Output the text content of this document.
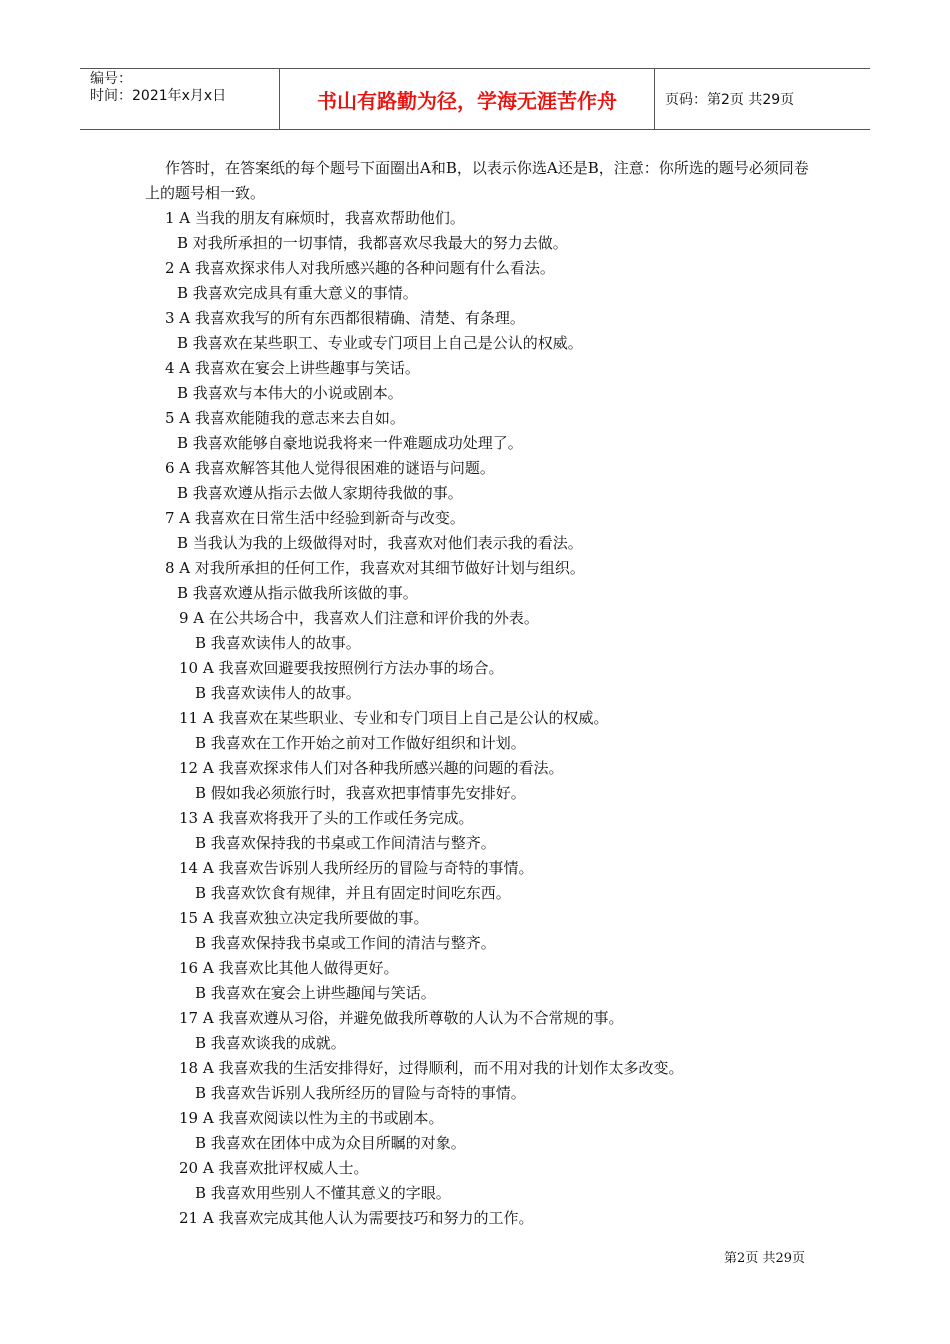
编号：
时间：2021年x月x日	书山有路勤为径，学海无涯苦作舟	页码：第2页 共29页

作答时，在答案纸的每个题号下面圈出A和B，以表示你选A还是B，注意：你所选的题号必须同卷上的题号相一致。

1 A 当我的朋友有麻烦时，我喜欢帮助他们。
B 对我所承担的一切事情，我都喜欢尽我最大的努力去做。
2 A 我喜欢探求伟人对我所感兴趣的各种问题有什么看法。
B 我喜欢完成具有重大意义的事情。
3 A 我喜欢我写的所有东西都很精确、清楚、有条理。
B 我喜欢在某些职工、专业或专门项目上自己是公认的权威。
4 A 我喜欢在宴会上讲些趣事与笑话。
B 我喜欢与本伟大的小说或剧本。
5 A 我喜欢能随我的意志来去自如。
B 我喜欢能够自豪地说我将来一件难题成功处理了。
6 A 我喜欢解答其他人觉得很困难的谜语与问题。
B 我喜欢遵从指示去做人家期待我做的事。
7 A 我喜欢在日常生活中经验到新奇与改变。
B 当我认为我的上级做得对时，我喜欢对他们表示我的看法。
8 A 对我所承担的任何工作，我喜欢对其细节做好计划与组织。
B 我喜欢遵从指示做我所该做的事。
9 A 在公共场合中，我喜欢人们注意和评价我的外表。
B 我喜欢读伟人的故事。
10 A 我喜欢回避要我按照例行方法办事的场合。
B 我喜欢读伟人的故事。
11 A 我喜欢在某些职业、专业和专门项目上自己是公认的权威。
B 我喜欢在工作开始之前对工作做好组织和计划。
12 A 我喜欢探求伟人们对各种我所感兴趣的问题的看法。
B 假如我必须旅行时，我喜欢把事情事先安排好。
13 A 我喜欢将我开了头的工作或任务完成。
B 我喜欢保持我的书桌或工作间清洁与整齐。
14 A 我喜欢告诉别人我所经历的冒险与奇特的事情。
B 我喜欢饮食有规律，并且有固定时间吃东西。
15 A 我喜欢独立决定我所要做的事。
B 我喜欢保持我书桌或工作间的清洁与整齐。
16 A 我喜欢比其他人做得更好。
B 我喜欢在宴会上讲些趣闻与笑话。
17 A 我喜欢遵从习俗，并避免做我所尊敬的人认为不合常规的事。
B 我喜欢谈我的成就。
18 A 我喜欢我的生活安排得好，过得顺利，而不用对我的计划作太多改变。
B 我喜欢告诉别人我所经历的冒险与奇特的事情。
19 A 我喜欢阅读以性为主的书或剧本。
B 我喜欢在团体中成为众目所瞩的对象。
20 A 我喜欢批评权威人士。
B 我喜欢用些别人不懂其意义的字眼。
21 A 我喜欢完成其他人认为需要技巧和努力的工作。
第2页 共29页
